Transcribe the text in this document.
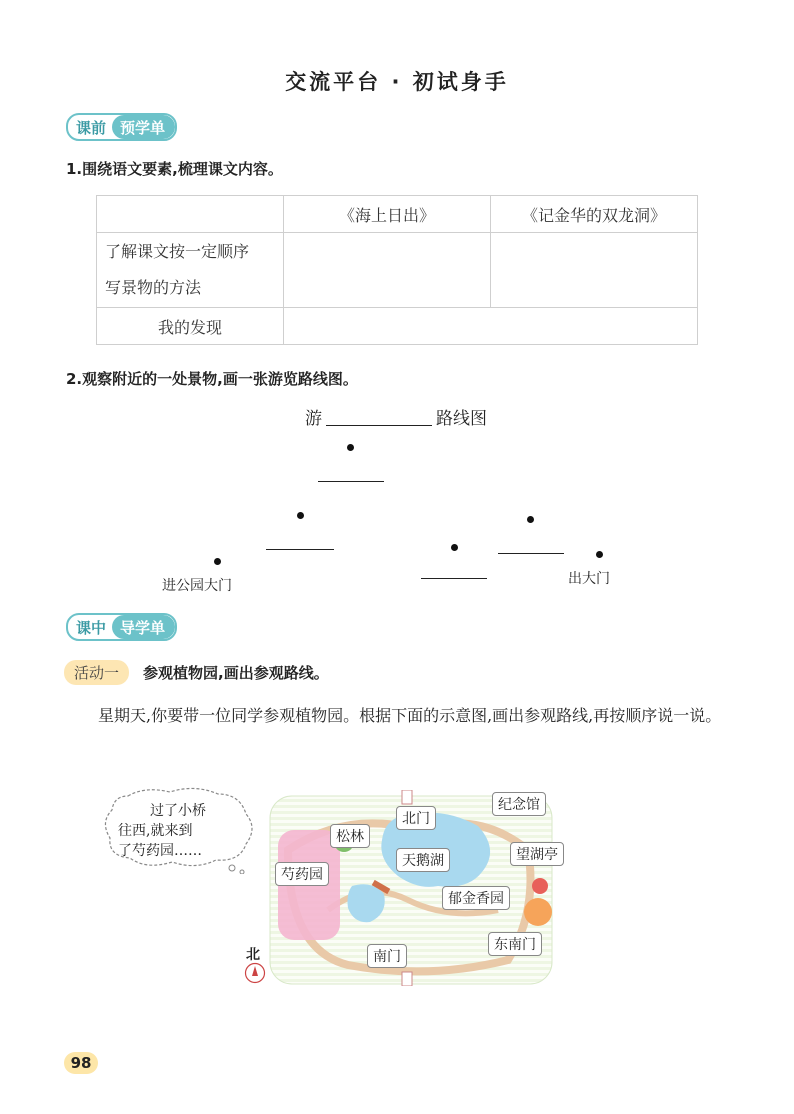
交流平台 · 初试身手
课前 预学单
1.围绕语文要素,梳理课文内容。
	《海上日出》	《记金华的双龙洞》

了解课文按一定顺序
写景物的方法		

我的发现		
2.观察附近的一处景物,画一张游览路线图。
游	路线图
进公园大门	出大门
课中 导学单
活动一	参观植物园,画出参观路线。
星期天,你要带一位同学参观植物园。根据下面的示意图,画出参观路线,再按顺序说一说。
过了小桥
往西,就来到
了芍药园……
北门
纪念馆
松林
望湖亭
天鹅湖
芍药园
郁金香园
东南门
南门
北
98
